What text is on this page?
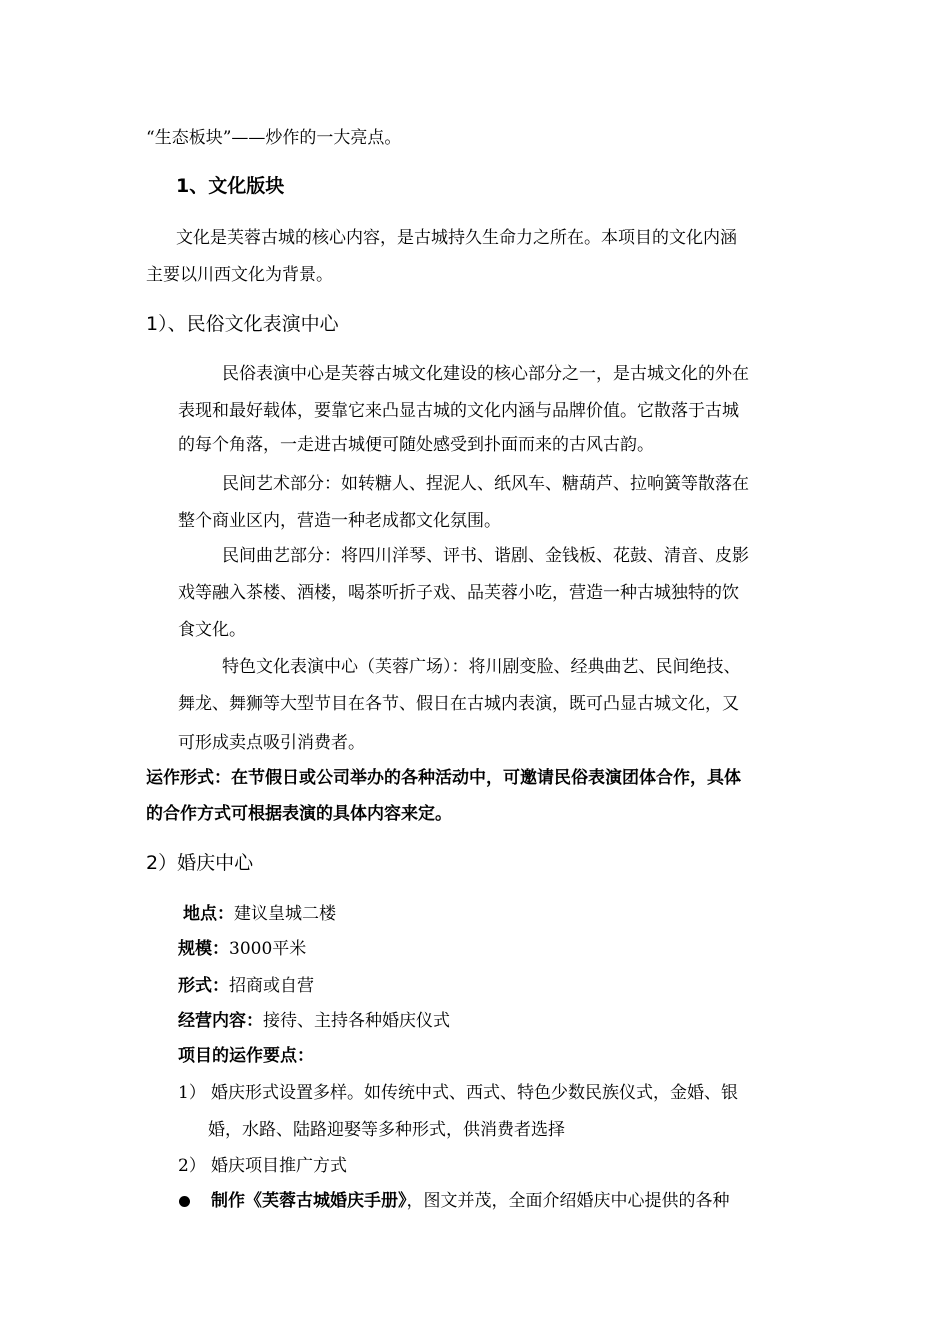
“生态板块”——炒作的一大亮点。
1、文化版块
文化是芙蓉古城的核心内容，是古城持久生命力之所在。本项目的文化内涵
主要以川西文化为背景。
1）、民俗文化表演中心
民俗表演中心是芙蓉古城文化建设的核心部分之一，是古城文化的外在
表现和最好载体，要靠它来凸显古城的文化内涵与品牌价值。它散落于古城
的每个角落，一走进古城便可随处感受到扑面而来的古风古韵。
民间艺术部分：如转糖人、捏泥人、纸风车、糖葫芦、拉响簧等散落在
整个商业区内，营造一种老成都文化氛围。
民间曲艺部分：将四川洋琴、评书、谐剧、金钱板、花鼓、清音、皮影
戏等融入茶楼、酒楼，喝茶听折子戏、品芙蓉小吃，营造一种古城独特的饮
食文化。
特色文化表演中心（芙蓉广场）：将川剧变脸、经典曲艺、民间绝技、
舞龙、舞狮等大型节目在各节、假日在古城内表演，既可凸显古城文化，又
可形成卖点吸引消费者。
运作形式：在节假日或公司举办的各种活动中，可邀请民俗表演团体合作，具体
的合作方式可根据表演的具体内容来定。
2）婚庆中心
地点：建议皇城二楼
规模：3000平米
形式：招商或自营
经营内容：接待、主持各种婚庆仪式
项目的运作要点：
1） 婚庆形式设置多样。如传统中式、西式、特色少数民族仪式，金婚、银
婚，水路、陆路迎娶等多种形式，供消费者选择
2） 婚庆项目推广方式
制作《芙蓉古城婚庆手册》，图文并茂，全面介绍婚庆中心提供的各种
